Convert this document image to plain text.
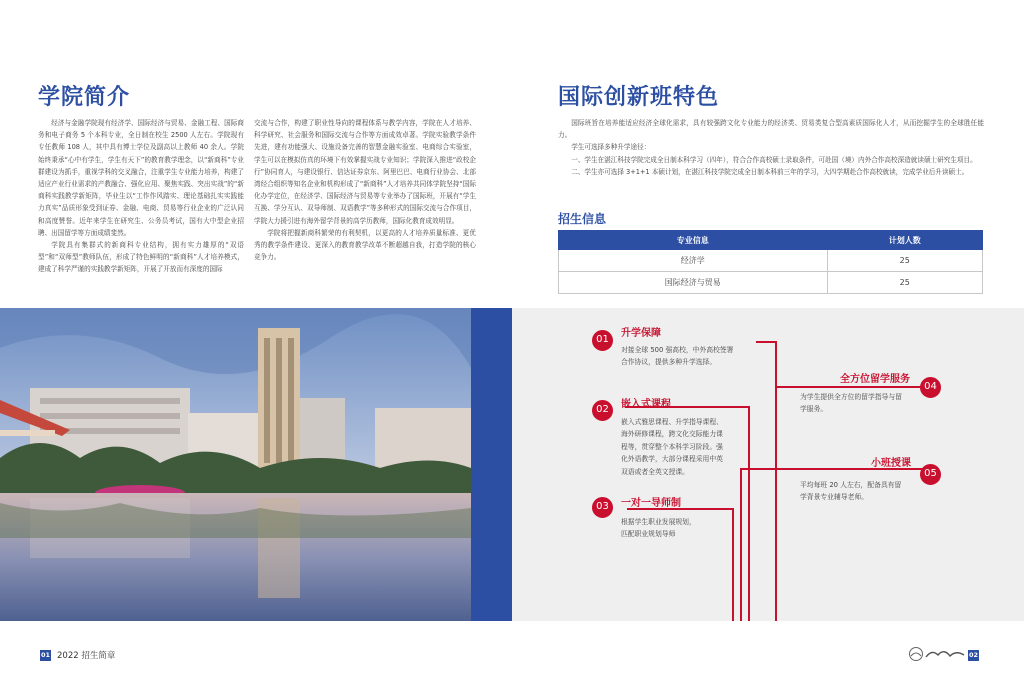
学院简介

经济与金融学院现有经济学、国际经济与贸易、金融工程、国际商务和电子商务 5 个本科专业，全日制在校生 2500 人左右。学院现有专任教师 108 人，其中具有博士学位及副高以上教师 40 余人。学院始终秉承“心中有学生，学生有天下”的教育教学理念，以“新商科”专业群建设为抓手，重视学科的交叉融合，注重学生专业能力培养，构建了适应产业行业需求的产教融合、强化应用、聚焦实践、突出实战”的“新商科实践教学新矩阵，毕业生以“工作作风踏实、理论基础扎实实践能力真实”品质形象受到证券、金融、电商、贸易等行业企业的广泛认同和高度赞誉。近年来学生在研究生、公务员考试，国有大中型企业招聘、出国留学等方面成绩斐然。

学院具有集群式的新商科专业结构，拥有实力雄厚的“双语型”和“双师型”教师队伍，形成了特色鲜明的“新商科”人才培养模式，建成了科学严谨的实践教学新矩阵，开展了开放而有深度的国际

交流与合作，构建了职业性导向的课程体系与教学内容，学院在人才培养、科学研究、社会服务和国际交流与合作等方面成效卓著。学院实验教学条件先进，建有功能强大、设施设备完善的智慧金融实验室、电商综合实验室，学生可以在模拟仿真的环境下有效掌握实战专业知识；学院深入推进“政校企行”协同育人，与建设银行、信达证券京东、阿里巴巴、电商行业协会、北部湾经合组织等知名企业和机构形成了“新商科”人才培养共同体学院坚持“国际化办学定位，在经济学、国际经济与贸易等专业举办了国际班，开展有“学生互换、学分互认、双导师制、双语教学”等多种形式的国际交流与合作项目，学院大力援引进有海外留学背景的高学历教师，国际化教育成效明显。

学院将把握新商科繁荣的有利契机，以更高的人才培养质量标准、更优秀的教学条件建设、更深入的教育教学改革不断超越自我，打造学院的核心竞争力。

国际创新班特色

国际班旨在培养能适应经济全球化需求，具有较强跨文化专业能力的经济类、贸易类复合型高素质国际化人才，从而挖掘学生的全球胜任能力。

学生可选择多种升学途径：

一、学生在湛江科技学院完成全日制本科学习（四年），符合合作高校硕士录取条件，可赴国（境）内外合作高校深造就读硕士研究生项目。

二、学生亦可选择 3+1+1 本硕计划，在湛江科技学院完成全日制本科前三年的学习，大四学期赴合作高校就读，完成学业后升读硕士。

招生信息
专业信息	计划人数
经济学	25
国际经济与贸易	25
01
升学保障
对接全球 500 强高校，中外高校签署
合作协议，提供多种升学选择。
02	嵌入式课程
嵌入式雅思课程、升学指导课程、
海外研修课程，跨文化交际能力课
程等，贯穿整个本科学习阶段。强
化外语教学，大部分课程采用中英
双语或者全英文授课。
03	一对一导师制
根据学生职业发展规划，
匹配职业规划导师
全方位留学服务
04
为学生提供全方位的留学指导与留
学服务。
小班授课
05
平均每班 20 人左右，配备具有留
学背景专业辅导老师。
01 2022 招生简章	02
